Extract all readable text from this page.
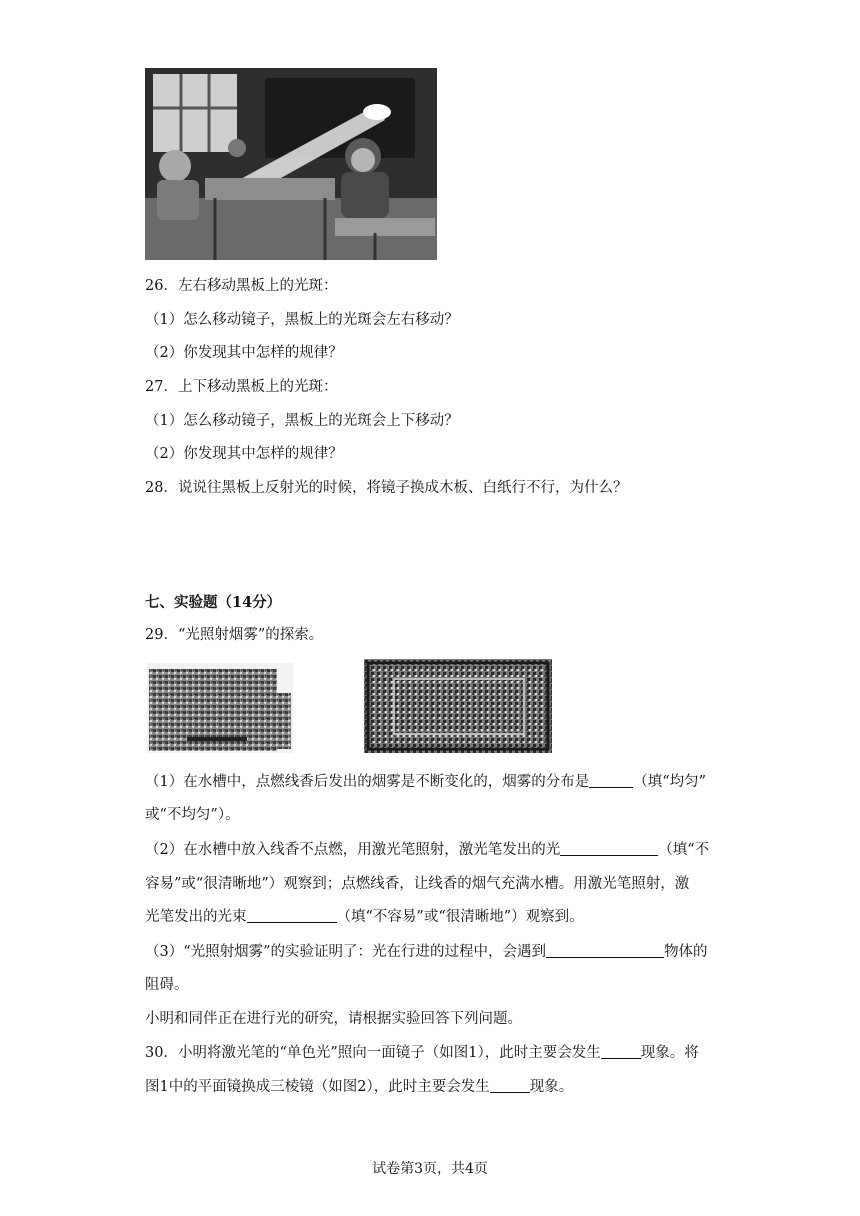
26．左右移动黑板上的光斑：
（1）怎么移动镜子，黑板上的光斑会左右移动？
（2）你发现其中怎样的规律？
27．上下移动黑板上的光斑：
（1）怎么移动镜子，黑板上的光斑会上下移动？
（2）你发现其中怎样的规律？
28．说说往黑板上反射光的时候，将镜子换成木板、白纸行不行，为什么？
七、实验题（14分）
29．“光照射烟雾”的探索。
（1）在水槽中，点燃线香后发出的烟雾是不断变化的，烟雾的分布是	（填“均匀”
或“不均匀”）。
（2）在水槽中放入线香不点燃，用激光笔照射，激光笔发出的光	（填“不
容易”或“很清晰地”）观察到；点燃线香，让线香的烟气充满水槽。用激光笔照射，激
光笔发出的光束	（填“不容易”或“很清晰地”）观察到。
（3）“光照射烟雾”的实验证明了：光在行进的过程中，会遇到	物体的
阻碍。
小明和同伴正在进行光的研究，请根据实验回答下列问题。
30．小明将激光笔的“单色光”照向一面镜子（如图1），此时主要会发生	现象。将
图1中的平面镜换成三棱镜（如图2），此时主要会发生	现象。
试卷第3页，共4页
